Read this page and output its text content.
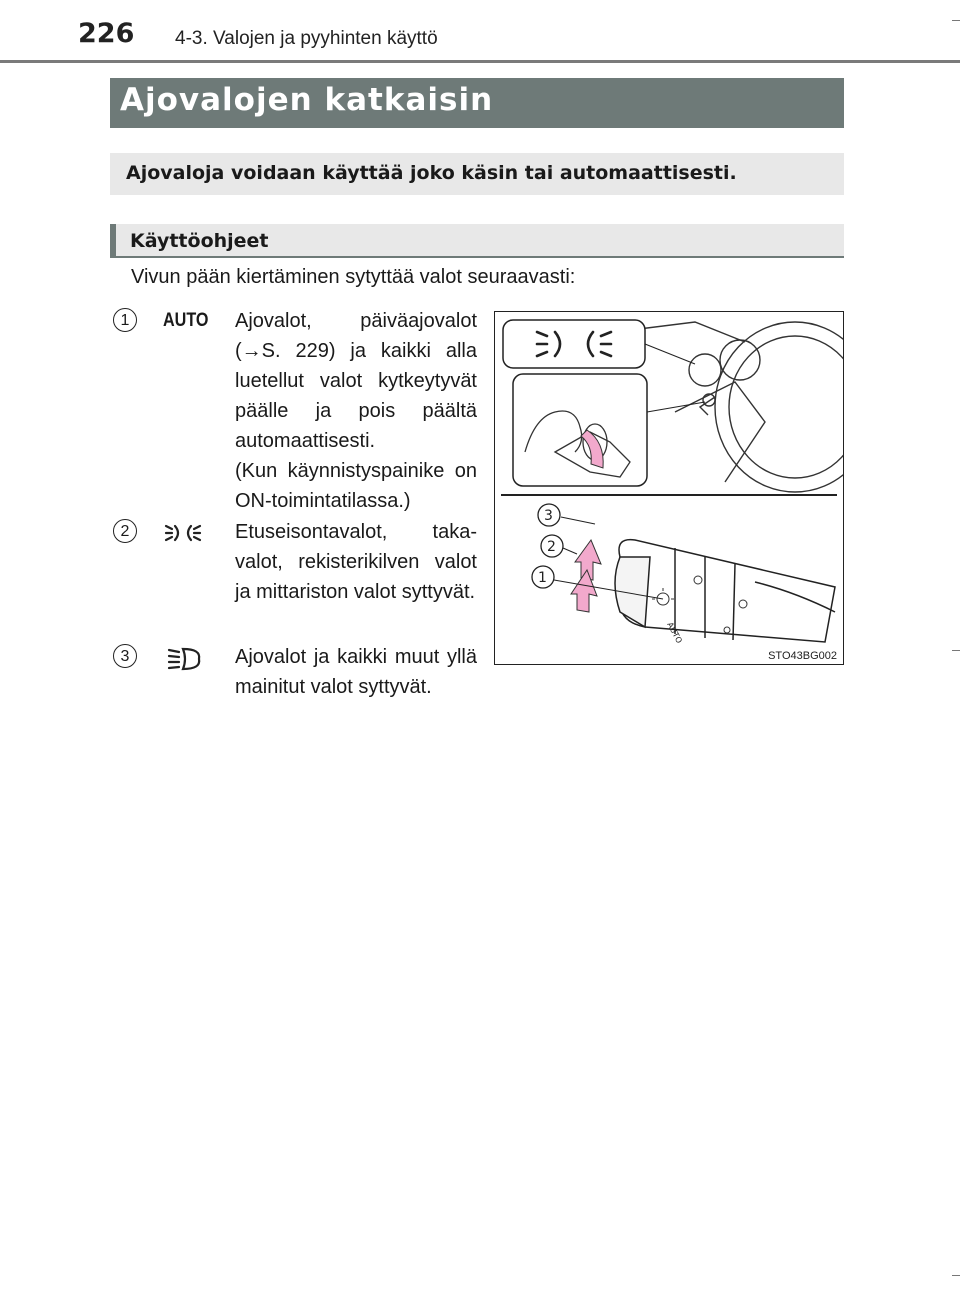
226 4-3. Valojen ja pyyhinten käyttö
Ajovalojen katkaisin
Ajovaloja voidaan käyttää joko käsin tai automaattisesti.
Käyttöohjeet
Vivun pään kiertäminen sytyttää valot seuraavasti:
1	AUTO Ajovalot, päiväajovalot (→S. 229) ja kaikki alla luetellut valot kytkeytyvät päälle ja pois päältä automaattisesti.

(Kun käynnistyspainike on ON-toimintatilassa.)

2	Etuseisontavalot, takavalot, rekisterikilven valot ja mittariston valot syttyvät.

3	Ajovalot ja kaikki muut yllä mainitut valot syttyvät.

AUTO
3
2
1
STO43BG002
